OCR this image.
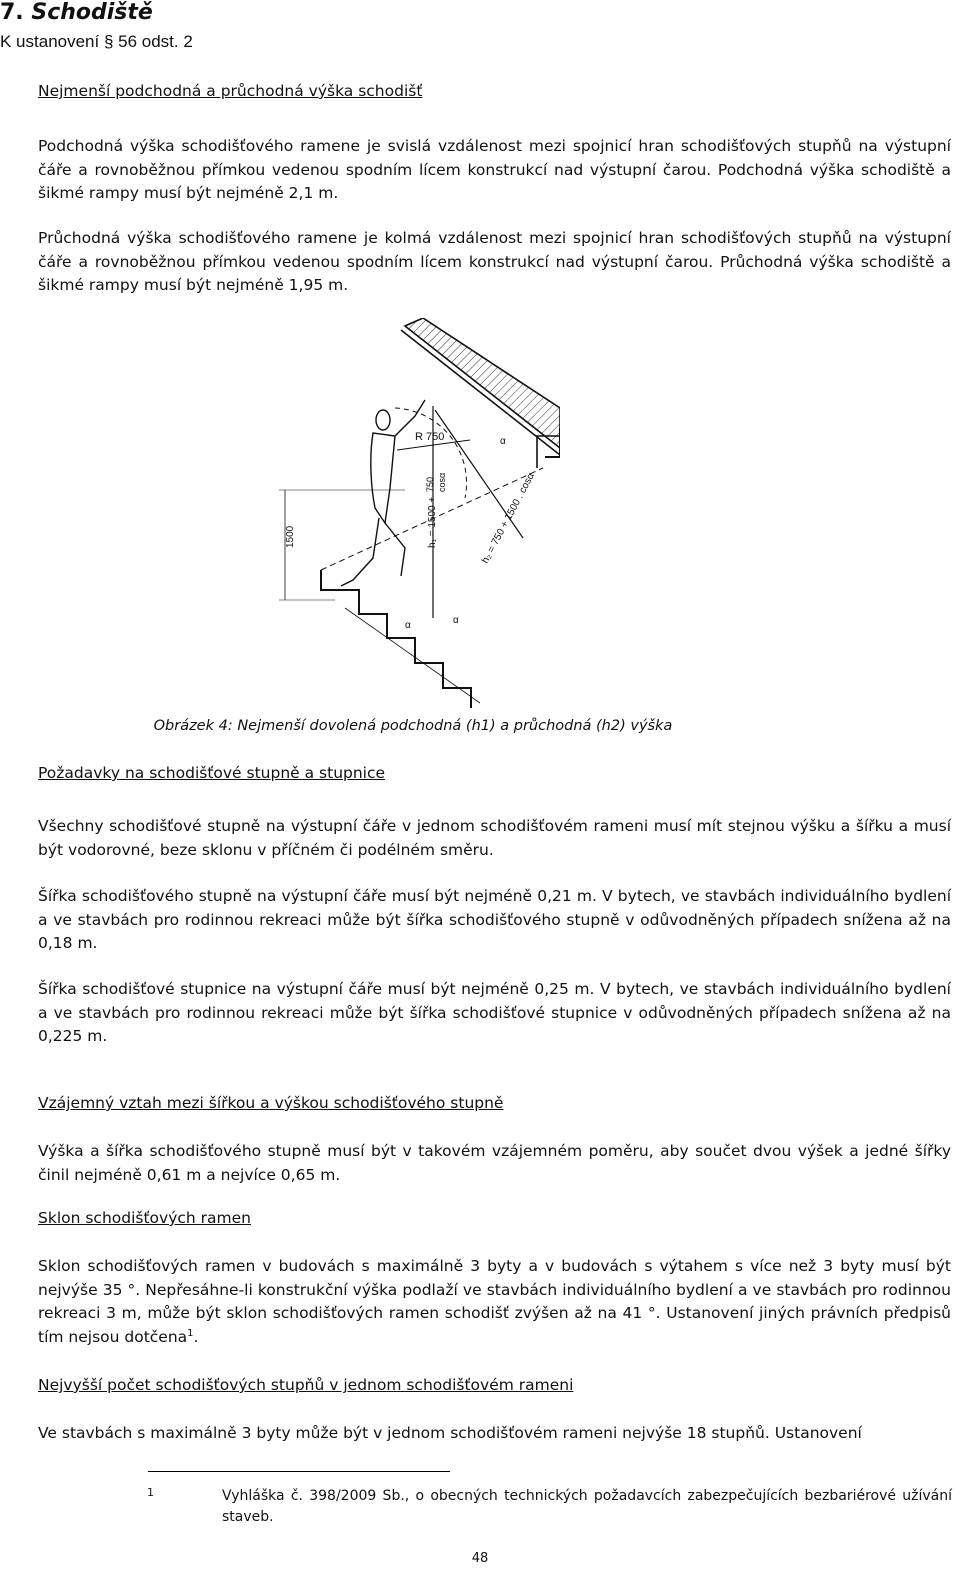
7. Schodiště
K ustanovení § 56 odst. 2
Nejmenší podchodná a průchodná výška schodišť
Podchodná výška schodišťového ramene je svislá vzdálenost mezi spojnicí hran schodišťových stupňů na výstupní čáře a rovnoběžnou přímkou vedenou spodním lícem konstrukcí nad výstupní čarou. Podchodná výška schodiště a šikmé rampy musí být nejméně 2,1 m.
Průchodná výška schodišťového ramene je kolmá vzdálenost mezi spojnicí hran schodišťových stupňů na výstupní čáře a rovnoběžnou přímkou vedenou spodním lícem konstrukcí nad výstupní čarou. Průchodná výška schodiště a šikmé rampy musí být nejméně 1,95 m.
R 750	α
α
α
1500	h₁ = 1500 +
750 cosα	h₂ = 750 + 1500 . cosα
Obrázek 4: Nejmenší dovolená podchodná (h1) a průchodná (h2) výška
Požadavky na schodišťové stupně a stupnice
Všechny schodišťové stupně na výstupní čáře v jednom schodišťovém rameni musí mít stejnou výšku a šířku a musí být vodorovné, beze sklonu v příčném či podélném směru.
Šířka schodišťového stupně na výstupní čáře musí být nejméně 0,21 m. V bytech, ve stavbách individuálního bydlení a ve stavbách pro rodinnou rekreaci může být šířka schodišťového stupně v odůvodněných případech snížena až na 0,18 m.
Šířka schodišťové stupnice na výstupní čáře musí být nejméně 0,25 m. V bytech, ve stavbách individuálního bydlení a ve stavbách pro rodinnou rekreaci může být šířka schodišťové stupnice v odůvodněných případech snížena až na 0,225 m.
Vzájemný vztah mezi šířkou a výškou schodišťového stupně
Výška a šířka schodišťového stupně musí být v takovém vzájemném poměru, aby součet dvou výšek a jedné šířky činil nejméně 0,61 m a nejvíce 0,65 m.
Sklon schodišťových ramen
Sklon schodišťových ramen v budovách s maximálně 3 byty a v budovách s výtahem s více než 3 byty musí být nejvýše 35 °. Nepřesáhne-li konstrukční výška podlaží ve stavbách individuálního bydlení a ve stavbách pro rodinnou rekreaci 3 m, může být sklon schodišťových ramen schodišť zvýšen až na 41 °. Ustanovení jiných právních předpisů tím nejsou dotčena$^1$.
Nejvyšší počet schodišťových stupňů v jednom schodišťovém rameni
Ve stavbách s maximálně 3 byty může být v jednom schodišťovém rameni nejvýše 18 stupňů. Ustanovení
1	Vyhláška č. 398/2009 Sb., o obecných technických požadavcích zabezpečujících bezbariérové užívání staveb.
48
